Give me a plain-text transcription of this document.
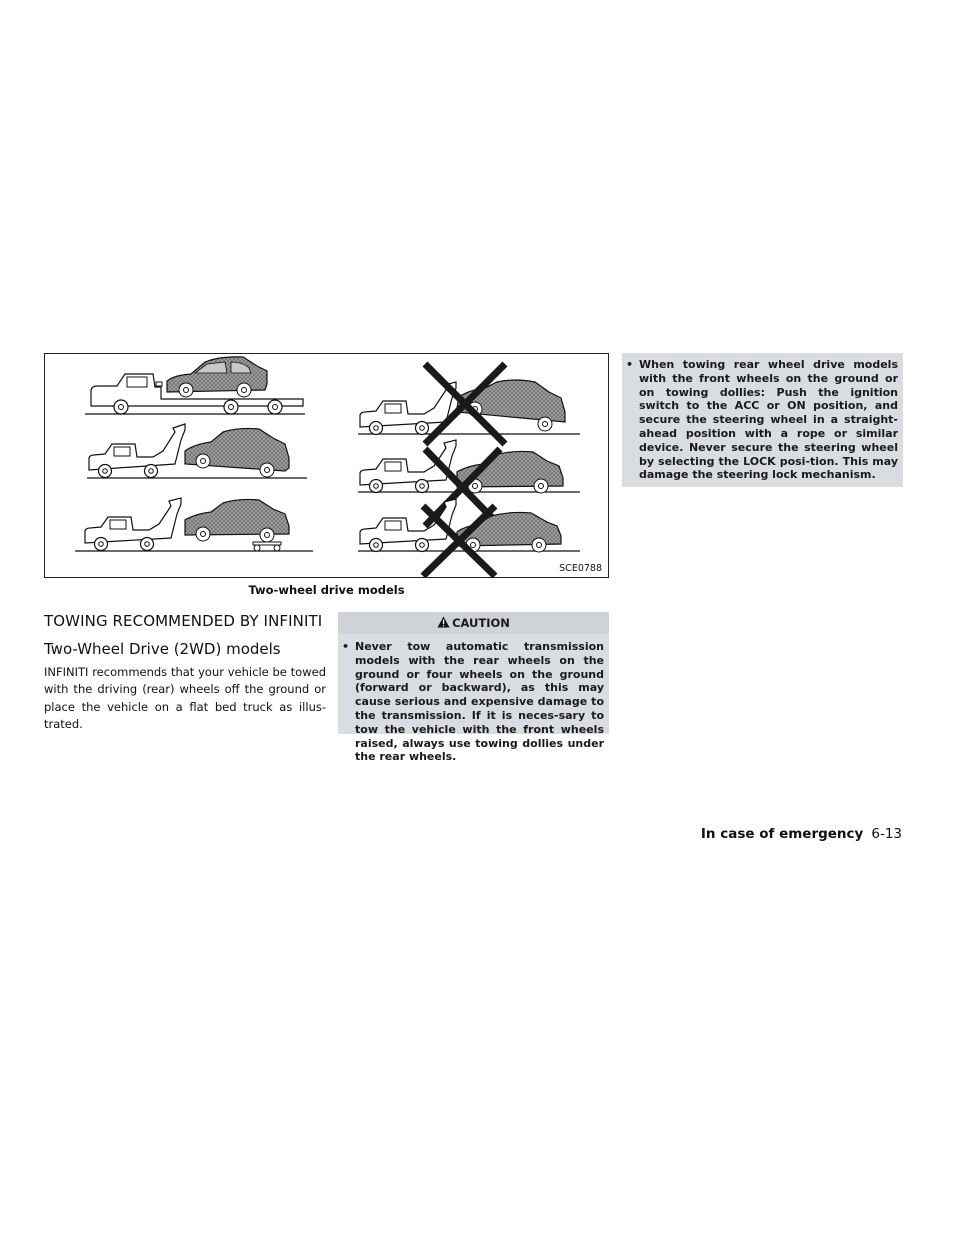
SCE0788
Two-wheel drive models
TOWING RECOMMENDED BY INFINITI
Two-Wheel Drive (2WD) models
INFINITI recommends that your vehicle be towed with the driving (rear) wheels off the ground or place the vehicle on a flat bed truck as illus-trated.
CAUTION
• Never tow automatic transmission models with the rear wheels on the ground or four wheels on the ground (forward or backward), as this may cause serious and expensive damage to the transmission. If it is neces-sary to tow the vehicle with the front wheels raised, always use towing dollies under the rear wheels.
• When towing rear wheel drive models with the front wheels on the ground or on towing dollies: Push the ignition switch to the ACC or ON position, and secure the steering wheel in a straight-ahead position with a rope or similar device. Never secure the steering wheel by selecting the LOCK posi-tion. This may damage the steering lock mechanism.
In case of emergency 6-13
